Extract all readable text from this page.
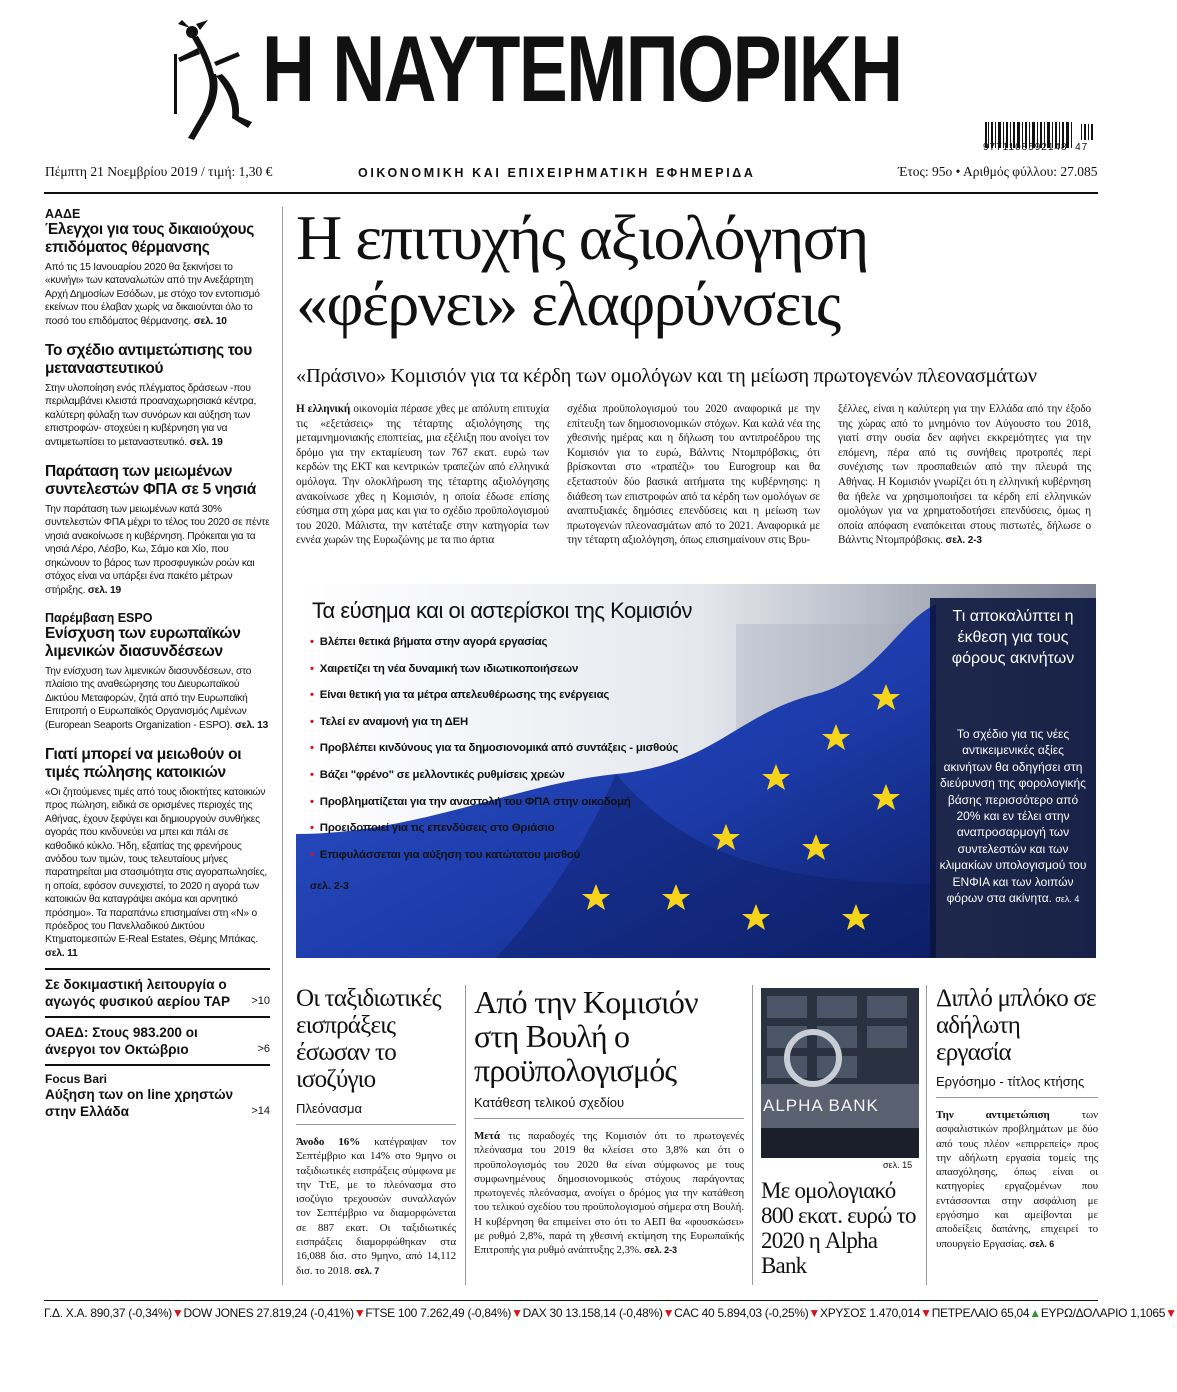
Η ΝΑΥΤΕΜΠΟΡΙΚΗ
9771108592148 47
Πέμπτη 21 Νοεμβρίου 2019 / τιμή: 1,30 €	ΟΙΚΟΝΟΜΙΚΗ ΚΑΙ ΕΠΙΧΕΙΡΗΜΑΤΙΚΗ ΕΦΗΜΕΡΙΔΑ	Έτος: 95ο • Αριθμός φύλλου: 27.085

ΑΑΔΕ

Έλεγχοι για τους δικαιούχους επιδόματος θέρμανσης

Από τις 15 Ιανουαρίου 2020 θα ξεκινήσει το «κυνήγι» των καταναλωτών από την Ανεξάρτητη Αρχή Δημοσίων Εσόδων, με στόχο τον εντοπισμό εκείνων που έλαβαν χωρίς να δικαιούνται όλο το ποσό του επιδόματος θέρμανσης. σελ. 10

Το σχέδιο αντιμετώπισης του μεταναστευτικού

Στην υλοποίηση ενός πλέγματος δράσεων -που περιλαμβάνει κλειστά προαναχωρησιακά κέντρα, καλύτερη φύλαξη των συνόρων και αύξηση των επιστροφών- στοχεύει η κυβέρνηση για να αντιμετωπίσει το μεταναστευτικό. σελ. 19

Παράταση των μειωμένων συντελεστών ΦΠΑ σε 5 νησιά

Την παράταση των μειωμένων κατά 30% συντελεστών ΦΠΑ μέχρι το τέλος του 2020 σε πέντε νησιά ανακοίνωσε η κυβέρνηση. Πρόκειται για τα νησιά Λέρο, Λέσβο, Κω, Σάμο και Χίο, που σηκώνουν το βάρος των προσφυγικών ροών και στόχος είναι να υπάρξει ένα πακέτο μέτρων στήριξης. σελ. 19

Παρέμβαση ESPO

Ενίσχυση των ευρωπαϊκών λιμενικών διασυνδέσεων

Την ενίσχυση των λιμενικών διασυνδέσεων, στο πλαίσιο της αναθεώρησης του Διευρωπαϊκού Δικτύου Μεταφορών, ζητά από την Ευρωπαϊκή Επιτροπή ο Ευρωπαϊκός Οργανισμός Λιμένων (European Seaports Organization - ESPO). σελ. 13

Γιατί μπορεί να μειωθούν οι τιμές πώλησης κατοικιών

«Οι ζητούμενες τιμές από τους ιδιοκτήτες κατοικιών προς πώληση, ειδικά σε ορισμένες περιοχές της Αθήνας, έχουν ξεφύγει και δημιουργούν συνθήκες αγοράς που κινδυνεύει να μπει και πάλι σε καθοδικό κύκλο. Ήδη, εξαιτίας της φρενήρους ανόδου των τιμών, τους τελευταίους μήνες παρατηρείται μια στασιμότητα στις αγοραπωλησίες, η οποία, εφόσον συνεχιστεί, το 2020 η αγορά των κατοικιών θα καταγράψει ακόμα και αρνητικό πρόσημο». Τα παραπάνω επισημαίνει στη «Ν» ο πρόεδρος του Πανελλαδικού Δικτύου Κτηματομεσιτών E-Real Estates, Θέμης Μπάκας. σελ. 11

Σε δοκιμαστική λειτουργία ο αγωγός φυσικού αερίου TAP >10

ΟΑΕΔ: Στους 983.200 οι άνεργοι τον Οκτώβριο	>6

Focus Bari

Αύξηση των on line χρηστών στην Ελλάδα	>14

Η επιτυχής αξιολόγηση
«φέρνει» ελαφρύνσεις
«Πράσινο» Κομισιόν για τα κέρδη των ομολόγων και τη μείωση πρωτογενών πλεονασμάτων
Η ελληνική οικονομία πέρασε χθες με απόλυτη επιτυχία τις «εξετάσεις» της τέταρτης αξιολόγησης της μεταμνημονιακής εποπτείας, μια εξέλιξη που ανοίγει τον δρόμο για την εκταμίευση των 767 εκατ. ευρώ των κερδών της ΕΚΤ και κεντρικών τραπεζών από ελληνικά ομόλογα. Την ολοκλήρωση της τέταρτης αξιολόγησης ανακοίνωσε χθες η Κομισιόν, η οποία έδωσε επίσης εύσημα στη χώρα μας και για το σχέδιο προϋπολογισμού του 2020. Μάλιστα, την κατέταξε στην κατηγορία των εννέα χωρών της Ευρωζώνης με τα πιο άρτια
σχέδια προϋπολογισμού του 2020 αναφορικά με την επίτευξη των δημοσιονομικών στόχων. Και καλά νέα της χθεσινής ημέρας και η δήλωση του αντιπροέδρου της Κομισιόν για το ευρώ, Βάλντις Ντομπρόβσκις, ότι βρίσκονται στο «τραπέζι» του Eurogroup και θα εξεταστούν δύο βασικά αιτήματα της κυβέρνησης: η διάθεση των επιστροφών από τα κέρδη των ομολόγων σε αναπτυξιακές δημόσιες επενδύσεις και η μείωση των πρωτογενών πλεονασμάτων από το 2021. Αναφορικά με την τέταρτη αξιολόγηση, όπως επισημαίνουν στις Βρυ-
ξέλλες, είναι η καλύτερη για την Ελλάδα από την έξοδο της χώρας από το μνημόνιο τον Αύγουστο του 2018, γιατί στην ουσία δεν αφήνει εκκρεμότητες για την επόμενη, πέρα από τις συνήθεις προτροπές περί συνέχισης των προσπαθειών από την πλευρά της Αθήνας. Η Κομισιόν γνωρίζει ότι η ελληνική κυβέρνηση θα ήθελε να χρησιμοποιήσει τα κέρδη επί ελληνικών ομολόγων για να χρηματοδοτήσει επενδύσεις, όμως η οποία απόφαση εναπόκειται στους πιστωτές, δήλωσε ο Βάλντις Ντομπρόβσκις. σελ. 2-3
Τα εύσημα και οι αστερίσκοι της Κομισιόν
• Βλέπει θετικά βήματα στην αγορά εργασίας
• Χαιρετίζει τη νέα δυναμική των ιδιωτικοποιήσεων
• Είναι θετική για τα μέτρα απελευθέρωσης της ενέργειας
• Τελεί εν αναμονή για τη ΔΕΗ
• Προβλέπει κινδύνους για τα δημοσιονομικά από συντάξεις - μισθούς
• Βάζει "φρένο" σε μελλοντικές ρυθμίσεις χρεών
• Προβληματίζεται για την αναστολή του ΦΠΑ στην οικοδομή
• Προειδοποιεί για τις επενδύσεις στο Θριάσιο
• Επιφυλάσσεται για αύξηση του κατώτατου μισθού
σελ. 2-3
Τι αποκαλύπτει η έκθεση για τους φόρους ακινήτων
Το σχέδιο για τις νέες αντικειμενικές αξίες ακινήτων θα οδηγήσει στη διεύρυνση της φορολογικής βάσης περισσότερο από 20% και εν τέλει στην αναπροσαρμογή των συντελεστών και των κλιμακίων υπολογισμού του ΕΝΦΙΑ και των λοιπών φόρων στα ακίνητα. σελ. 4

Οι ταξιδιωτικές εισπράξεις έσωσαν το ισοζύγιο

Πλεόνασμα

Άνοδο 16% κατέγραψαν τον Σεπτέμβριο και 14% στο 9μηνο οι ταξιδιωτικές εισπράξεις σύμφωνα με την ΤτΕ, με το πλεόνασμα στο ισοζύγιο τρεχουσών συναλλαγών τον Σεπτέμβριο να διαμορφώνεται σε 887 εκατ. Οι ταξιδιωτικές εισπράξεις διαμορφώθηκαν στα 16,088 δισ. στο 9μηνο, από 14,112 δισ. το 2018. σελ. 7

Από την Κομισιόν στη Βουλή ο προϋπολογισμός

Κατάθεση τελικού σχεδίου

Μετά τις παραδοχές της Κομισιόν ότι το πρωτογενές πλεόνασμα του 2019 θα κλείσει στο 3,8% και ότι ο προϋπολογισμός του 2020 θα είναι σύμφωνος με τους συμφωνημένους δημοσιονομικούς στόχους παράγοντας πρωτογενές πλεόνασμα, ανοίγει ο δρόμος για την κατάθεση του τελικού σχεδίου του προϋπολογισμού σήμερα στη Βουλή. Η κυβέρνηση θα επιμείνει στο ότι το ΑΕΠ θα «φουσκώσει» με ρυθμό 2,8%, παρά τη χθεσινή εκτίμηση της Ευρωπαϊκής Επιτροπής για ρυθμό ανάπτυξης 2,3%. σελ. 2-3

ALPHA BANK
σελ. 15
Με ομολογιακό 800 εκατ. ευρώ το 2020 η Alpha Bank

Διπλό μπλόκο σε αδήλωτη εργασία

Εργόσημο - τίτλος κτήσης

Την αντιμετώπιση των ασφαλιστικών προβλημάτων με δύο από τους πλέον «επιρρεπείς» προς την αδήλωτη εργασία τομείς της απασχόλησης, όπως είναι οι κατηγορίες εργαζομένων που εντάσσονται στην ασφάλιση με εργόσημο και αμείβονται με αποδείξεις δαπάνης, επιχειρεί το υπουργείο Εργασίας. σελ. 6

Γ.Δ. Χ.Α. 890,37 (-0,34%)▼ DOW JONES 27.819,24 (-0,41%)▼ FTSE 100 7.262,49 (-0,84%)▼ DAX 30 13.158,14 (-0,48%)▼ CAC 40 5.894,03 (-0,25%)▼ ΧΡΥΣΟΣ 1.470,014▼ ΠΕΤΡΕΛΑΙΟ 65,04▲ ΕΥΡΩ/ΔΟΛΑΡΙΟ 1,1065▼
